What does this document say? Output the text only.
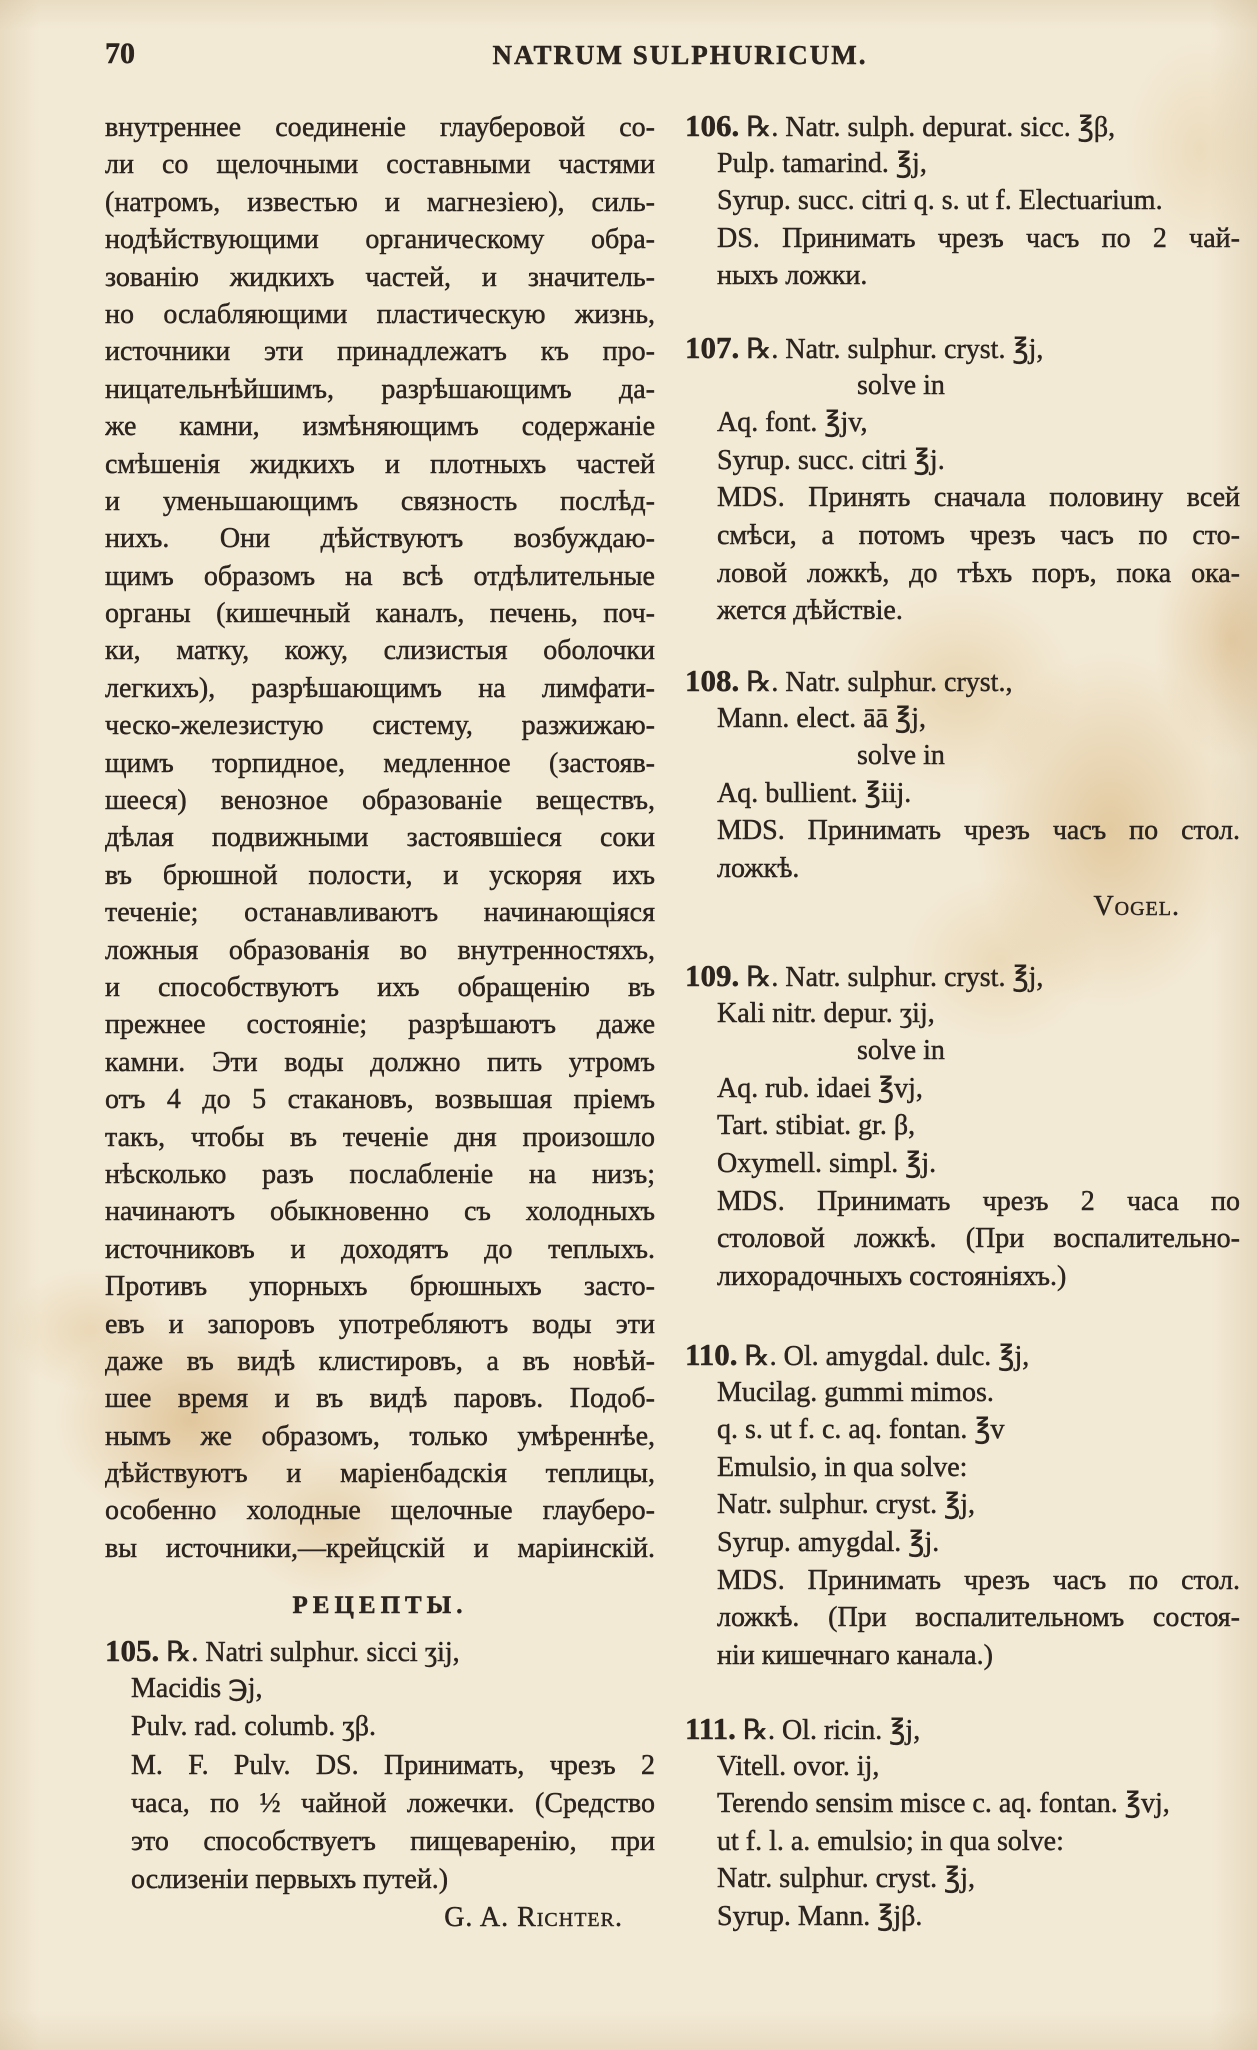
70	NATRUM SULPHURICUM.
внутреннее соединеніе глауберовой со-
ли со щелочными составными частями
(натромъ, известью и магнезіею), силь-
нодѣйствующими органическому обра-
зованію жидкихъ частей, и значитель-
но ослабляющими пластическую жизнь,
источники эти принадлежатъ къ про-
ницательнѣйшимъ, разрѣшающимъ да-
же камни, измѣняющимъ содержаніе
смѣшенія жидкихъ и плотныхъ частей
и уменьшающимъ связность послѣд-
нихъ. Они дѣйствуютъ возбуждаю-
щимъ образомъ на всѣ отдѣлительные
органы (кишечный каналъ, печень, поч-
ки, матку, кожу, слизистыя оболочки
легкихъ), разрѣшающимъ на лимфати-
ческо-железистую систему, разжижаю-
щимъ торпидное, медленное (застояв-
шееся) венозное образованіе веществъ,
дѣлая подвижными застоявшіеся соки
въ брюшной полости, и ускоряя ихъ
теченіе; останавливаютъ начинающіяся
ложныя образованія во внутренностяхъ,
и способствуютъ ихъ обращенію въ
прежнее состояніе; разрѣшаютъ даже
камни. Эти воды должно пить утромъ
отъ 4 до 5 стакановъ, возвышая пріемъ
такъ, чтобы въ теченіе дня произошло
нѣсколько разъ послабленіе на низъ;
начинаютъ обыкновенно съ холодныхъ
источниковъ и доходятъ до теплыхъ.
Противъ упорныхъ брюшныхъ засто-
евъ и запоровъ употребляютъ воды эти
даже въ видѣ клистировъ, а въ новѣй-
шее время и въ видѣ паровъ. Подоб-
нымъ же образомъ, только умѣреннѣе,
дѣйствуютъ и маріенбадскія теплицы,
особенно холодные щелочные глауберо-
вы источники,—крейцскій и маріинскій.
РЕЦЕПТЫ.
105. ℞. Natri sulphur. sicci ʒij,
Macidis ℈j,
Pulv. rad. columb. ʒβ.
M. F. Pulv. DS. Принимать, чрезъ 2
часа, по ½ чайной ложечки. (Средство
это способствуетъ пищеваренію, при
ослизеніи первыхъ путей.)
G. A. Richter.
106. ℞. Natr. sulph. depurat. sicc. ℥β,
Pulp. tamarind. ℥j,
Syrup. succ. citri q. s. ut f. Electuarium.
DS. Принимать чрезъ часъ по 2 чай-
ныхъ ложки.
107. ℞. Natr. sulphur. cryst. ℥j,
solve in
Aq. font. ℥jv,
Syrup. succ. citri ℥j.
MDS. Принять сначала половину всей
смѣси, а потомъ чрезъ часъ по сто-
ловой ложкѣ, до тѣхъ поръ, пока ока-
жется дѣйствіе.
108. ℞. Natr. sulphur. cryst.,
Mann. elect. āā ℥j,
solve in
Aq. bullient. ℥iij.
MDS. Принимать чрезъ часъ по стол.
ложкѣ.
Vogel.
109. ℞. Natr. sulphur. cryst. ℥j,
Kali nitr. depur. ʒij,
solve in
Aq. rub. idaei ℥vj,
Tart. stibiat. gr. β,
Oxymell. simpl. ℥j.
MDS. Принимать чрезъ 2 часа по
столовой ложкѣ. (При воспалительно-
лихорадочныхъ состояніяхъ.)
110. ℞. Ol. amygdal. dulc. ℥j,
Mucilag. gummi mimos.
q. s. ut f. c. aq. fontan. ℥v
Emulsio, in qua solve:
Natr. sulphur. cryst. ℥j,
Syrup. amygdal. ℥j.
MDS. Принимать чрезъ часъ по стол.
ложкѣ. (При воспалительномъ состоя-
ніи кишечнаго канала.)
111. ℞. Ol. ricin. ℥j,
Vitell. ovor. ij,
Terendo sensim misce c. aq. fontan. ℥vj,
ut f. l. a. emulsio; in qua solve:
Natr. sulphur. cryst. ℥j,
Syrup. Mann. ℥jβ.
